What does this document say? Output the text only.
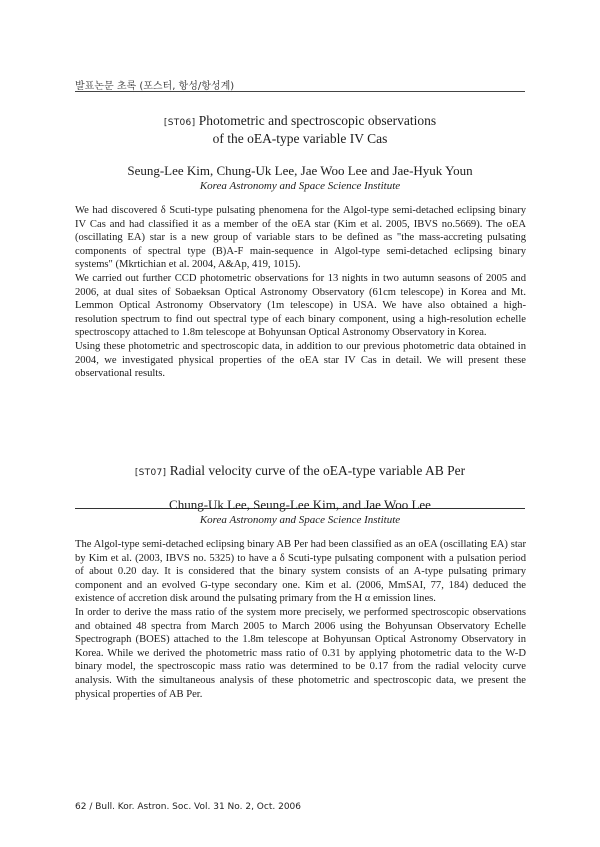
발표논문 초록 (포스터, 항성/항성계)
[ST06] Photometric and spectroscopic observations
of the oEA-type variable IV Cas
Seung-Lee Kim, Chung-Uk Lee, Jae Woo Lee and Jae-Hyuk Youn
Korea Astronomy and Space Science Institute

We had discovered δ Scuti-type pulsating phenomena for the Algol-type semi-detached eclipsing binary IV Cas and had classified it as a member of the oEA star (Kim et al. 2005, IBVS no.5669). The oEA (oscillating EA) star is a new group of variable stars to be defined as "the mass-accreting pulsating components of spectral type (B)A-F main-sequence in Algol-type semi-detached eclipsing binary systems" (Mkrtichian et al. 2004, A&Ap, 419, 1015).

We carried out further CCD photometric observations for 13 nights in two autumn seasons of 2005 and 2006, at dual sites of Sobaeksan Optical Astronomy Observatory (61cm telescope) in Korea and Mt. Lemmon Optical Astronomy Observatory (1m telescope) in USA. We have also obtained a high-resolution spectrum to find out spectral type of each binary component, using a high-resolution echelle spectroscopy attached to 1.8m telescope at Bohyunsan Optical Astronomy Observatory in Korea.

Using these photometric and spectroscopic data, in addition to our previous photometric data obtained in 2004, we investigated physical properties of the oEA star IV Cas in detail. We will present these observational results.

[ST07] Radial velocity curve of the oEA-type variable AB Per
Chung-Uk Lee, Seung-Lee Kim, and Jae Woo Lee
Korea Astronomy and Space Science Institute

The Algol-type semi-detached eclipsing binary AB Per had been classified as an oEA (oscillating EA) star by Kim et al. (2003, IBVS no. 5325) to have a δ Scuti-type pulsating component with a pulsation period of about 0.20 day. It is considered that the binary system consists of an A-type pulsating primary component and an evolved G-type secondary one. Kim et al. (2006, MmSAI, 77, 184) deduced the existence of accretion disk around the pulsating primary from the H α emission lines.

In order to derive the mass ratio of the system more precisely, we performed spectroscopic observations and obtained 48 spectra from March 2005 to March 2006 using the Bohyunsan Observatory Echelle Spectrograph (BOES) attached to the 1.8m telescope at Bohyunsan Optical Astronomy Observatory in Korea. While we derived the photometric mass ratio of 0.31 by applying photometric data to the W-D binary model, the spectroscopic mass ratio was determined to be 0.17 from the radial velocity curve analysis. With the simultaneous analysis of these photometric and spectroscopic data, we present the physical properties of AB Per.

62 / Bull. Kor. Astron. Soc. Vol. 31 No. 2, Oct. 2006
